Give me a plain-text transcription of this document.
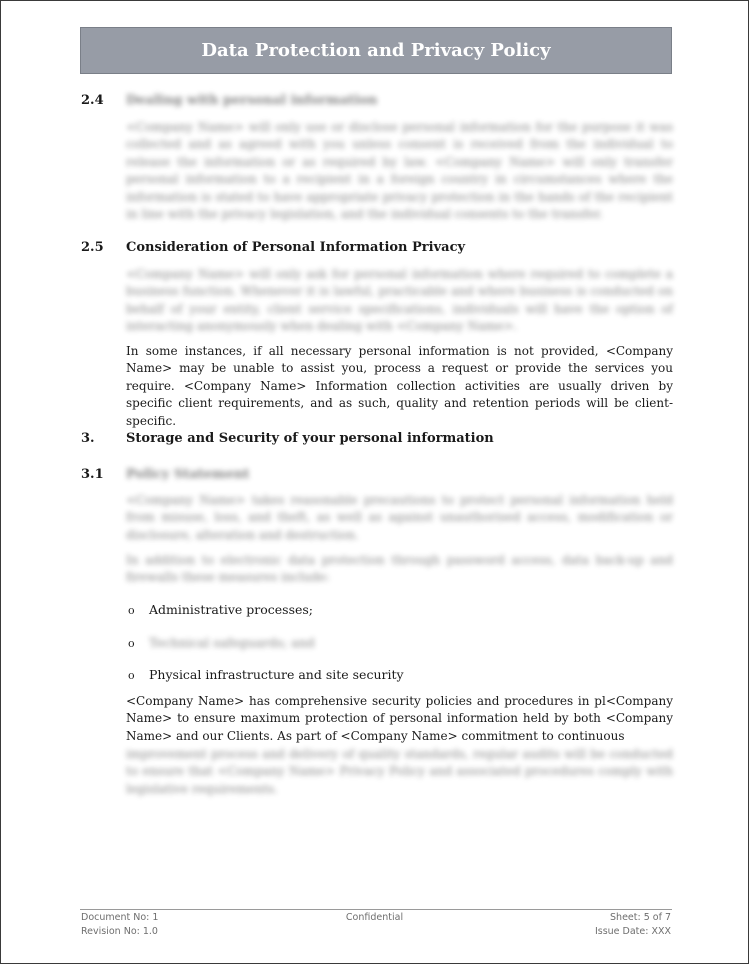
Data Protection and Privacy Policy
2.4 Dealing with personal information
<Company Name> will only use or disclose personal information for the purpose it was collected and as agreed with you unless consent is received from the individual to release the information or as required by law. <Company Name> will only transfer personal information to a recipient in a foreign country in circumstances where the information is stated to have appropriate privacy protection in the hands of the recipient in line with the privacy legislation, and the individual consents to the transfer.
2.5 Consideration of Personal Information Privacy
<Company Name> will only ask for personal information where required to complete a business function. Whenever it is lawful, practicable and where business is conducted on behalf of your entity, client service specifications, individuals will have the option of interacting anonymously when dealing with <Company Name>.
In some instances, if all necessary personal information is not provided, <Company Name> may be unable to assist you, process a request or provide the services you require. <Company Name> Information collection activities are usually driven by specific client requirements, and as such, quality and retention periods will be client-specific.
3. Storage and Security of your personal information
3.1 Policy Statement
<Company Name> takes reasonable precautions to protect personal information held from misuse, loss, and theft, as well as against unauthorised access, modification or disclosure, alteration and destruction.
In addition to electronic data protection through password access, data back-up and firewalls these measures include:
o Administrative processes;
o Technical safeguards; and
o Physical infrastructure and site security
<Company Name> has comprehensive security policies and procedures in pl<Company Name> to ensure maximum protection of personal information held by both <Company Name> and our Clients. As part of <Company Name> commitment to continuous
improvement process and delivery of quality standards, regular audits will be conducted to ensure that <Company Name> Privacy Policy and associated procedures comply with legislative requirements.
Document No: 1
Revision No: 1.0
Confidential	Sheet: 5 of 7
Issue Date: XXX
